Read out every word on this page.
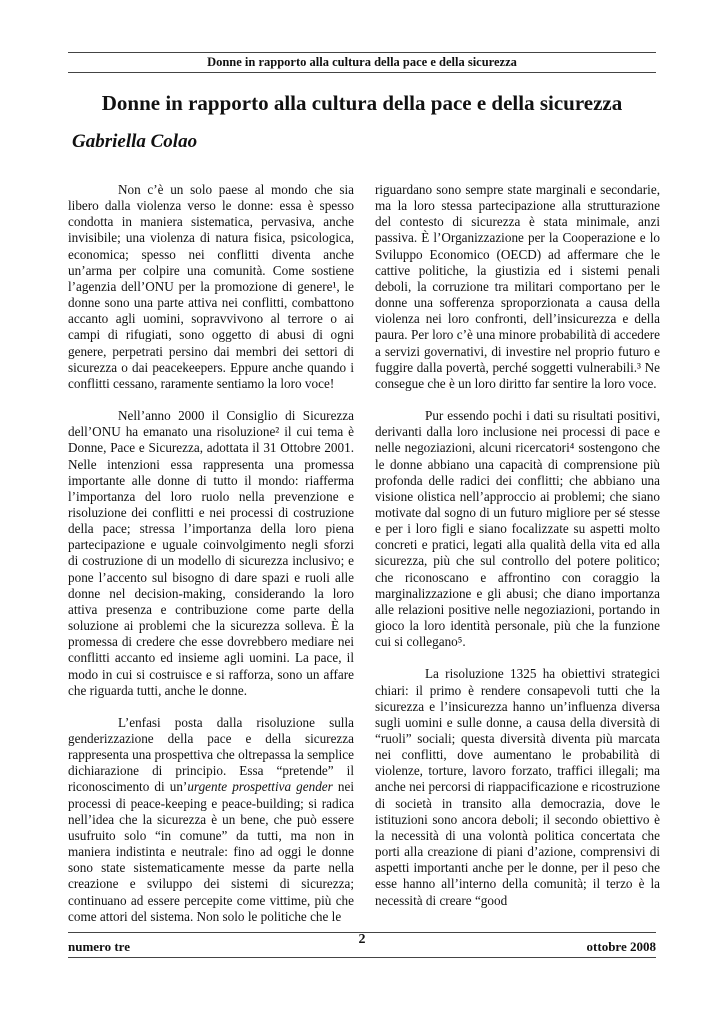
Donne in rapporto alla cultura della pace e della sicurezza
Donne in rapporto alla cultura della pace e della sicurezza
Gabriella Colao

Non c’è un solo paese al mondo che sia libero dalla violenza verso le donne: essa è spesso condotta in maniera sistematica, pervasiva, anche invisibile; una violenza di natura fisica, psicologica, economica; spesso nei conflitti diventa anche un’arma per colpire una comunità. Come sostiene l’agenzia dell’ONU per la promozione di genere¹, le donne sono una parte attiva nei conflitti, combattono accanto agli uomini, sopravvivono al terrore o ai campi di rifugiati, sono oggetto di abusi di ogni genere, perpetrati persino dai membri dei settori di sicurezza o dai peacekeepers. Eppure anche quando i conflitti cessano, raramente sentiamo la loro voce!

Nell’anno 2000 il Consiglio di Sicurezza dell’ONU ha emanato una risoluzione² il cui tema è Donne, Pace e Sicurezza, adottata il 31 Ottobre 2001. Nelle intenzioni essa rappresenta una promessa importante alle donne di tutto il mondo: riafferma l’importanza del loro ruolo nella prevenzione e risoluzione dei conflitti e nei processi di costruzione della pace; stressa l’importanza della loro piena partecipazione e uguale coinvolgimento negli sforzi di costruzione di un modello di sicurezza inclusivo; e pone l’accento sul bisogno di dare spazi e ruoli alle donne nel decision-making, considerando la loro attiva presenza e contribuzione come parte della soluzione ai problemi che la sicurezza solleva. È la promessa di credere che esse dovrebbero mediare nei conflitti accanto ed insieme agli uomini. La pace, il modo in cui si costruisce e si rafforza, sono un affare che riguarda tutti, anche le donne.

L’enfasi posta dalla risoluzione sulla genderizzazione della pace e della sicurezza rappresenta una prospettiva che oltrepassa la semplice dichiarazione di principio. Essa “pretende” il riconoscimento di un’urgente prospettiva gender nei processi di peace-keeping e peace-building; si radica nell’idea che la sicurezza è un bene, che può essere usufruito solo “in comune” da tutti, ma non in maniera indistinta e neutrale: fino ad oggi le donne sono state sistematicamente messe da parte nella creazione e sviluppo dei sistemi di sicurezza; continuano ad essere percepite come vittime, più che come attori del sistema. Non solo le politiche che le

riguardano sono sempre state marginali e secondarie, ma la loro stessa partecipazione alla strutturazione del contesto di sicurezza è stata minimale, anzi passiva. È l’Organizzazione per la Cooperazione e lo Sviluppo Economico (OECD) ad affermare che le cattive politiche, la giustizia ed i sistemi penali deboli, la corruzione tra militari comportano per le donne una sofferenza sproporzionata a causa della violenza nei loro confronti, dell’insicurezza e della paura. Per loro c’è una minore probabilità di accedere a servizi governativi, di investire nel proprio futuro e fuggire dalla povertà, perché soggetti vulnerabili.³ Ne consegue che è un loro diritto far sentire la loro voce.

Pur essendo pochi i dati su risultati positivi, derivanti dalla loro inclusione nei processi di pace e nelle negoziazioni, alcuni ricercatori⁴ sostengono che le donne abbiano una capacità di comprensione più profonda delle radici dei conflitti; che abbiano una visione olistica nell’approccio ai problemi; che siano motivate dal sogno di un futuro migliore per sé stesse e per i loro figli e siano focalizzate su aspetti molto concreti e pratici, legati alla qualità della vita ed alla sicurezza, più che sul controllo del potere politico; che riconoscano e affrontino con coraggio la marginalizzazione e gli abusi; che diano importanza alle relazioni positive nelle negoziazioni, portando in gioco la loro identità personale, più che la funzione cui si collegano⁵.

La risoluzione 1325 ha obiettivi strategici chiari: il primo è rendere consapevoli tutti che la sicurezza e l’insicurezza hanno un’influenza diversa sugli uomini e sulle donne, a causa della diversità di “ruoli” sociali; questa diversità diventa più marcata nei conflitti, dove aumentano le probabilità di violenze, torture, lavoro forzato, traffici illegali; ma anche nei percorsi di riappacificazione e ricostruzione di società in transito alla democrazia, dove le istituzioni sono ancora deboli; il secondo obiettivo è la necessità di una volontà politica concertata che porti alla creazione di piani d’azione, comprensivi di aspetti importanti anche per le donne, per il peso che esse hanno all’interno della comunità; il terzo è la necessità di creare “good

numero tre	2	ottobre 2008
